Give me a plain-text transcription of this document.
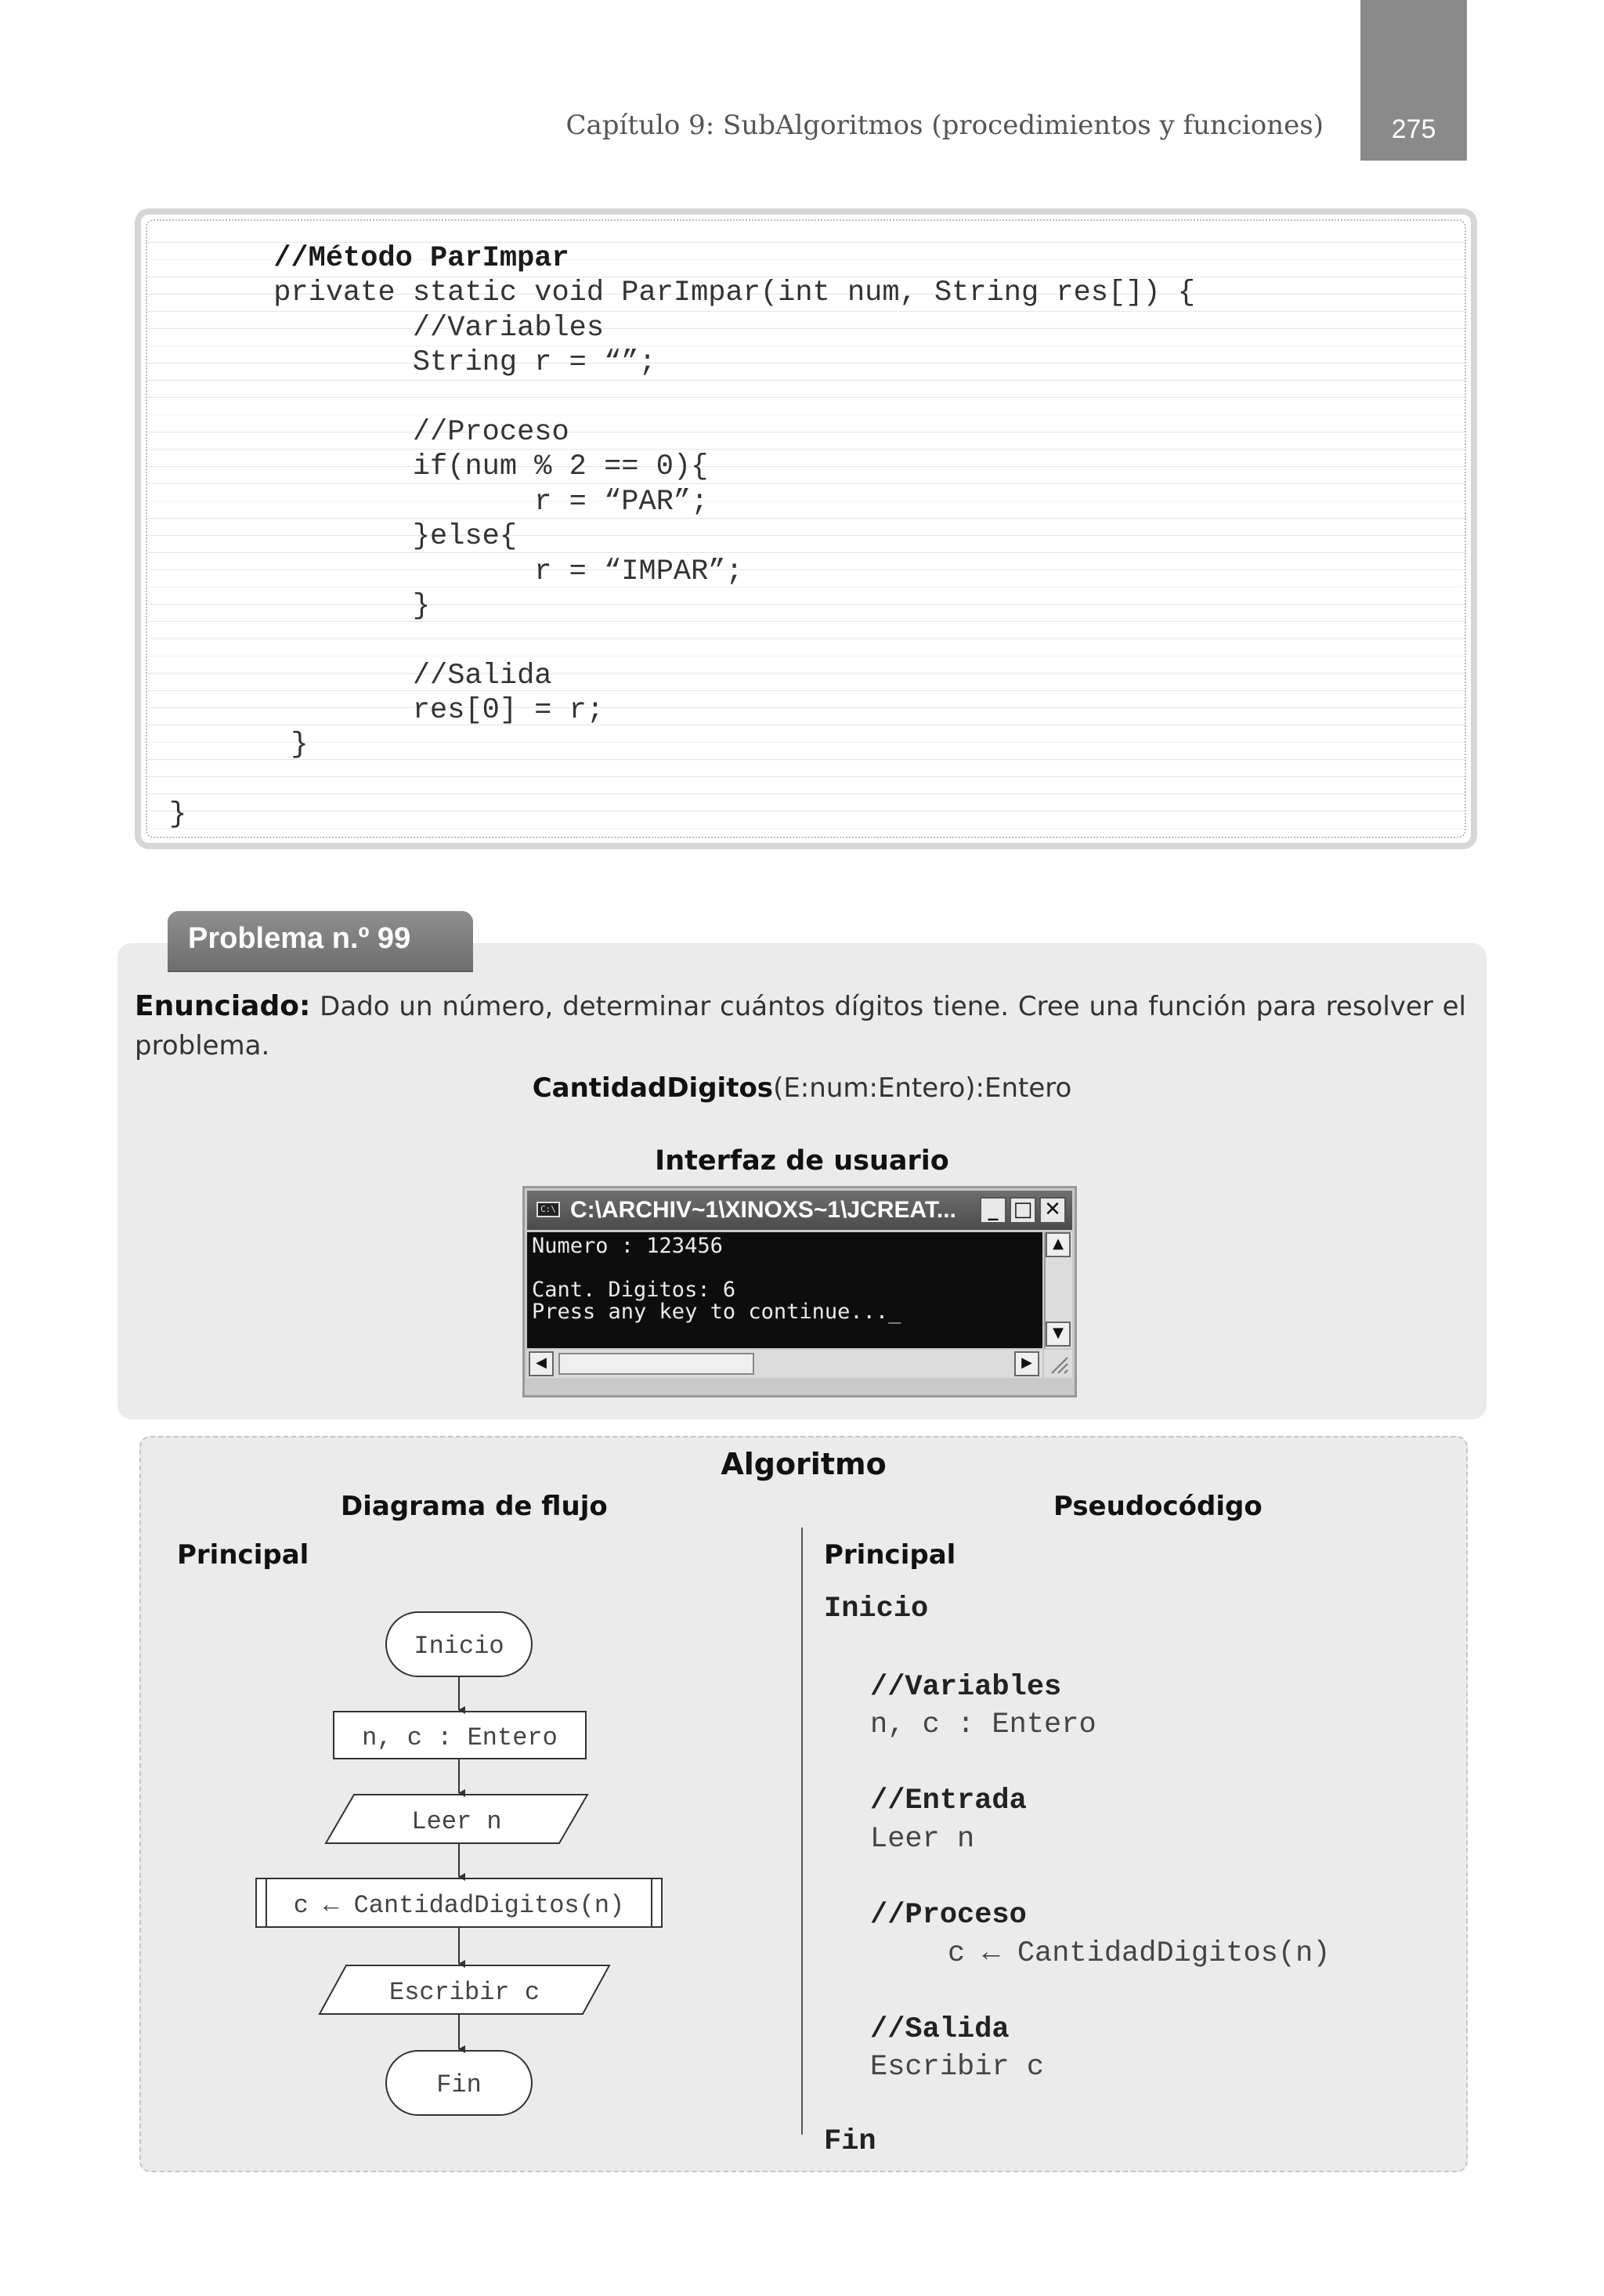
Capítulo 9: SubAlgoritmos (procedimientos y funciones)	275
//Método ParImpar
private static void ParImpar(int num, String res[]) {
//Variables
String r = “”;

//Proceso
if(num % 2 == 0){
r = “PAR”;
}else{
r = “IMPAR”;
}

//Salida
res[0] = r;
}

}
Enunciado: Dado un número, determinar cuántos dígitos tiene. Cree una función para resolver el problema.
CantidadDigitos(E:num:Entero):Entero
Interfaz de usuario
C:\ C:\ARCHIV~1\XINOXS~1\JCREAT...	_ □ ✕
Numero : 123456
Cant. Digitos: 6
Press any key to continue..._
▲
▼
◀	▶
Problema n.º 99
Algoritmo
Diagrama de flujo	Pseudocódigo
Principal	Principal
Inicio
n, c : Entero
Leer n
c ← CantidadDigitos(n)
Escribir c
Fin
Inicio
//Variables
n, c : Entero
//Entrada
Leer n
//Proceso
c ← CantidadDigitos(n)
//Salida
Escribir c
Fin
